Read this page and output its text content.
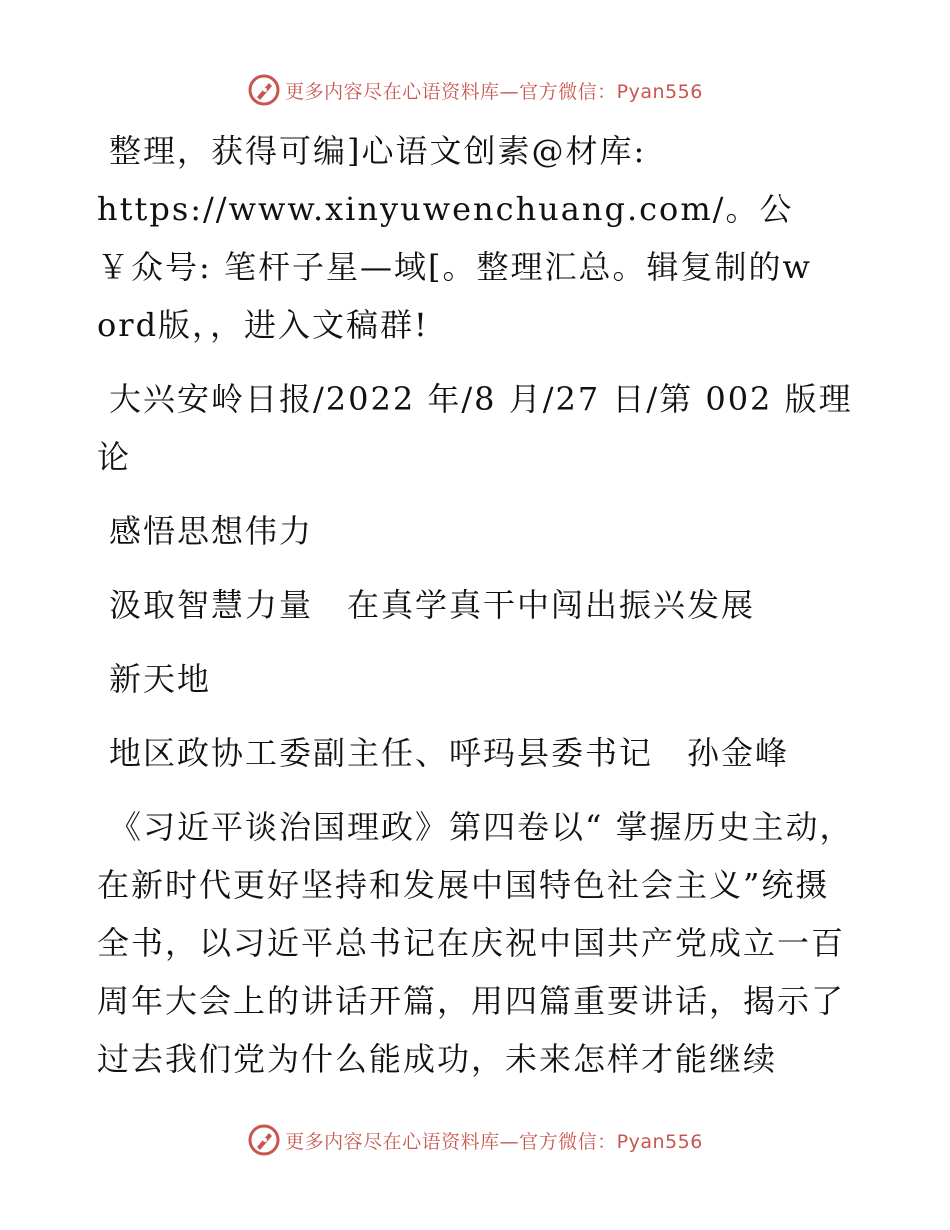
更多内容尽在心语资料库—官方微信：Pyan556

整理，获得可编]心语文创素@材库: https://www.xinyuwenchuang.com/。公￥众号: 笔杆子星—域[。整理汇总。辑复制的w ord版，，进入文稿群!

大兴安岭日报/2022 年/8 月/27 日/第 002 版理论

感悟思想伟力

汲取智慧力量　在真学真干中闯出振兴发展

新天地

地区政协工委副主任、呼玛县委书记　孙金峰

《习近平谈治国理政》第四卷以“ 掌握历史主动，在新时代更好坚持和发展中国特色社会主义”统摄全书，以习近平总书记在庆祝中国共产党成立一百周年大会上的讲话开篇，用四篇重要讲话，揭示了过去我们党为什么能成功，未来怎样才能继续

更多内容尽在心语资料库—官方微信：Pyan556
